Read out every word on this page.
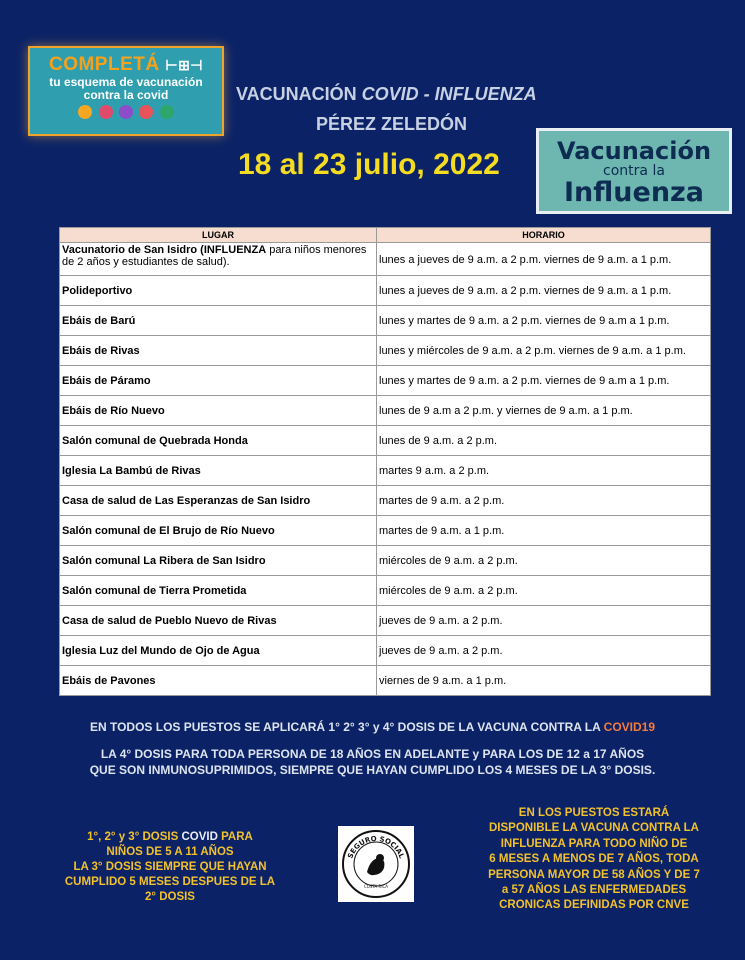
COMPLETÁ ⊢⊞⊣
tu esquema de vacunación
contra la covid
	VACUNACIÓN COVID - INFLUENZA
PÉREZ ZELEDÓN
18 al 23 julio, 2022	Vacunación
contra la
Influenza
LUGAR	HORARIO
Vacunatorio de San Isidro (INFLUENZA para niños menores de 2 años y estudiantes de salud).	lunes a jueves de 9 a.m. a 2 p.m. viernes de 9 a.m. a 1 p.m.
Polideportivo	lunes a jueves de 9 a.m. a 2 p.m. viernes de 9 a.m. a 1 p.m.
Ebáis de Barú	lunes y martes de 9 a.m. a 2 p.m. viernes de 9 a.m a 1 p.m.
Ebáis de Rivas	lunes y miércoles de 9 a.m. a 2 p.m. viernes de 9 a.m. a 1 p.m.
Ebáis de Páramo	lunes y martes de 9 a.m. a 2 p.m. viernes de 9 a.m a 1 p.m.
Ebáis de Río Nuevo	lunes de 9 a.m a 2 p.m. y viernes de 9 a.m. a 1 p.m.
Salón comunal de Quebrada Honda	lunes de 9 a.m. a 2 p.m.
Iglesia La Bambú de Rivas	martes 9 a.m. a 2 p.m.
Casa de salud de Las Esperanzas de San Isidro	martes de 9 a.m. a 2 p.m.
Salón comunal de El Brujo de Río Nuevo	martes de 9 a.m. a 1 p.m.
Salón comunal La Ribera de San Isidro	miércoles de 9 a.m. a 2 p.m.
Salón comunal de Tierra Prometida	miércoles de 9 a.m. a 2 p.m.
Casa de salud de Pueblo Nuevo de Rivas	jueves de 9 a.m. a 2 p.m.
Iglesia Luz del Mundo de Ojo de Agua	jueves de 9 a.m. a 2 p.m.
Ebáis de Pavones	viernes de 9 a.m. a 1 p.m.
EN TODOS LOS PUESTOS SE APLICARÁ 1° 2° 3° y 4° DOSIS DE LA VACUNA CONTRA LA COVID19
LA 4° DOSIS PARA TODA PERSONA DE 18 AÑOS EN ADELANTE y PARA LOS DE 12 a 17 AÑOS
QUE SON INMUNOSUPRIMIDOS, SIEMPRE QUE HAYAN CUMPLIDO LOS 4 MESES DE LA 3° DOSIS.
1°, 2° y 3° DOSIS COVID PARA
NIÑOS DE 5 A 11 AÑOS
LA 3° DOSIS SIEMPRE QUE HAYAN
CUMPLIDO 5 MESES DESPUES DE LA
2° DOSIS
SEGURO SOCIAL
COSTA RICA
EN LOS PUESTOS ESTARÁ
DISPONIBLE LA VACUNA CONTRA LA
INFLUENZA PARA TODO NIÑO DE
6 MESES A MENOS DE 7 AÑOS, TODA
PERSONA MAYOR DE 58 AÑOS Y DE 7
a 57 AÑOS LAS ENFERMEDADES
CRONICAS DEFINIDAS POR CNVE
